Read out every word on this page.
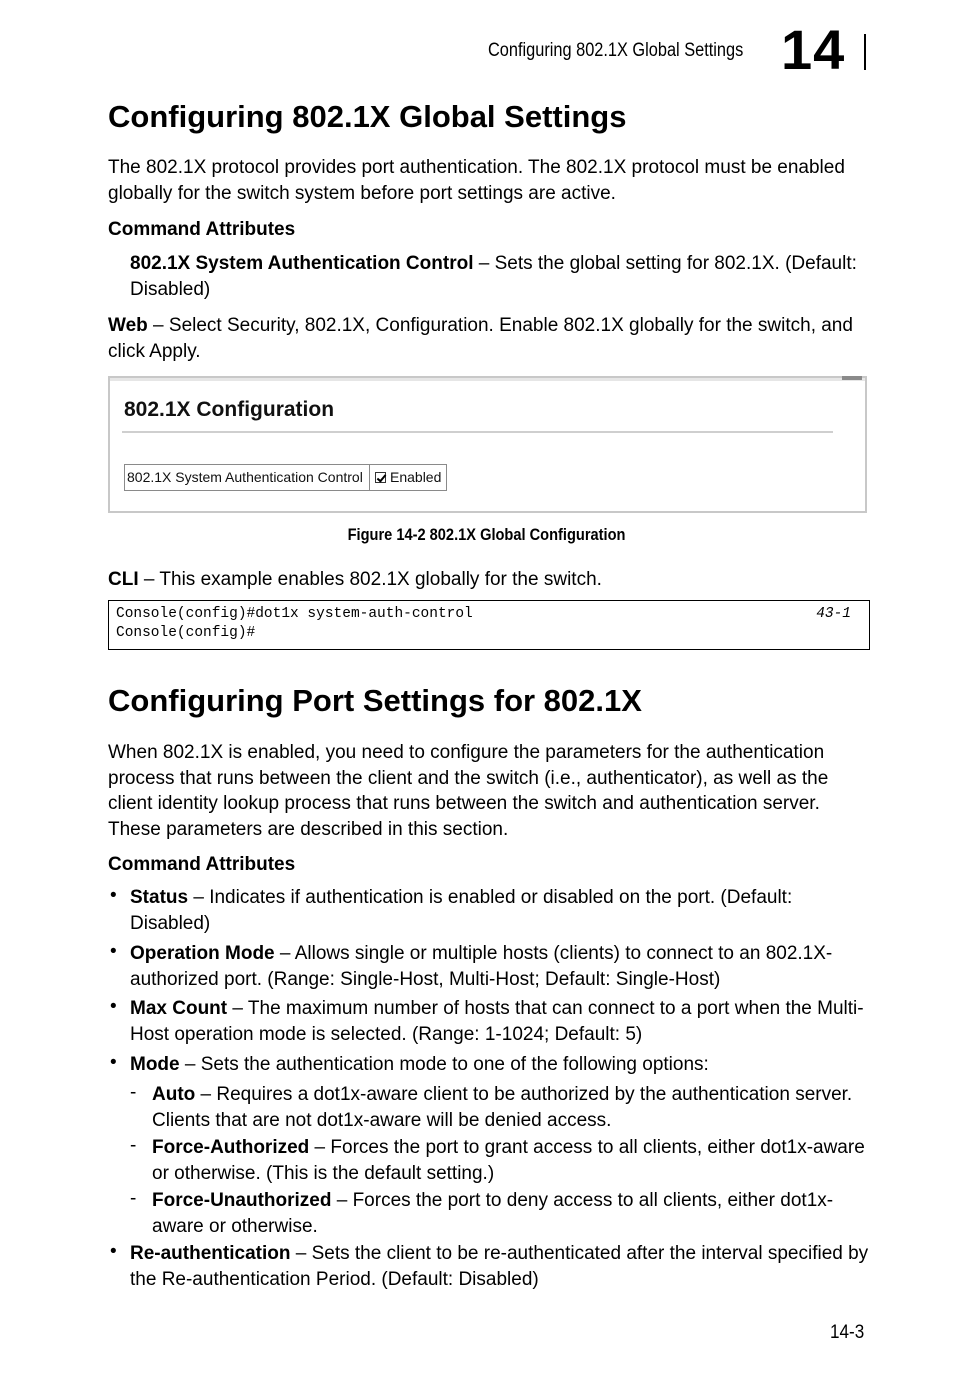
Configuring 802.1X Global Settings 14
Configuring 802.1X Global Settings
The 802.1X protocol provides port authentication. The 802.1X protocol must be enabled globally for the switch system before port settings are active.
Command Attributes
802.1X System Authentication Control – Sets the global setting for 802.1X. (Default: Disabled)
Web – Select Security, 802.1X, Configuration. Enable 802.1X globally for the switch, and click Apply.
802.1X Configuration
802.1X System Authentication Control	Enabled
Figure 14-2 802.1X Global Configuration
CLI – This example enables 802.1X globally for the switch.
Console(config)#dot1x system-auth-control
Console(config)#
43-1
Configuring Port Settings for 802.1X
When 802.1X is enabled, you need to configure the parameters for the authentication process that runs between the client and the switch (i.e., authenticator), as well as the client identity lookup process that runs between the switch and authentication server. These parameters are described in this section.
Command Attributes
• Status – Indicates if authentication is enabled or disabled on the port. (Default: Disabled)
• Operation Mode – Allows single or multiple hosts (clients) to connect to an 802.1X-authorized port. (Range: Single-Host, Multi-Host; Default: Single-Host)
• Max Count – The maximum number of hosts that can connect to a port when the Multi-Host operation mode is selected. (Range: 1-1024; Default: 5)
• Mode – Sets the authentication mode to one of the following options:
- Auto – Requires a dot1x-aware client to be authorized by the authentication server. Clients that are not dot1x-aware will be denied access.
- Force-Authorized – Forces the port to grant access to all clients, either dot1x-aware or otherwise. (This is the default setting.)
- Force-Unauthorized – Forces the port to deny access to all clients, either dot1x-aware or otherwise.
• Re-authentication – Sets the client to be re-authenticated after the interval specified by the Re-authentication Period. (Default: Disabled)
14-3
